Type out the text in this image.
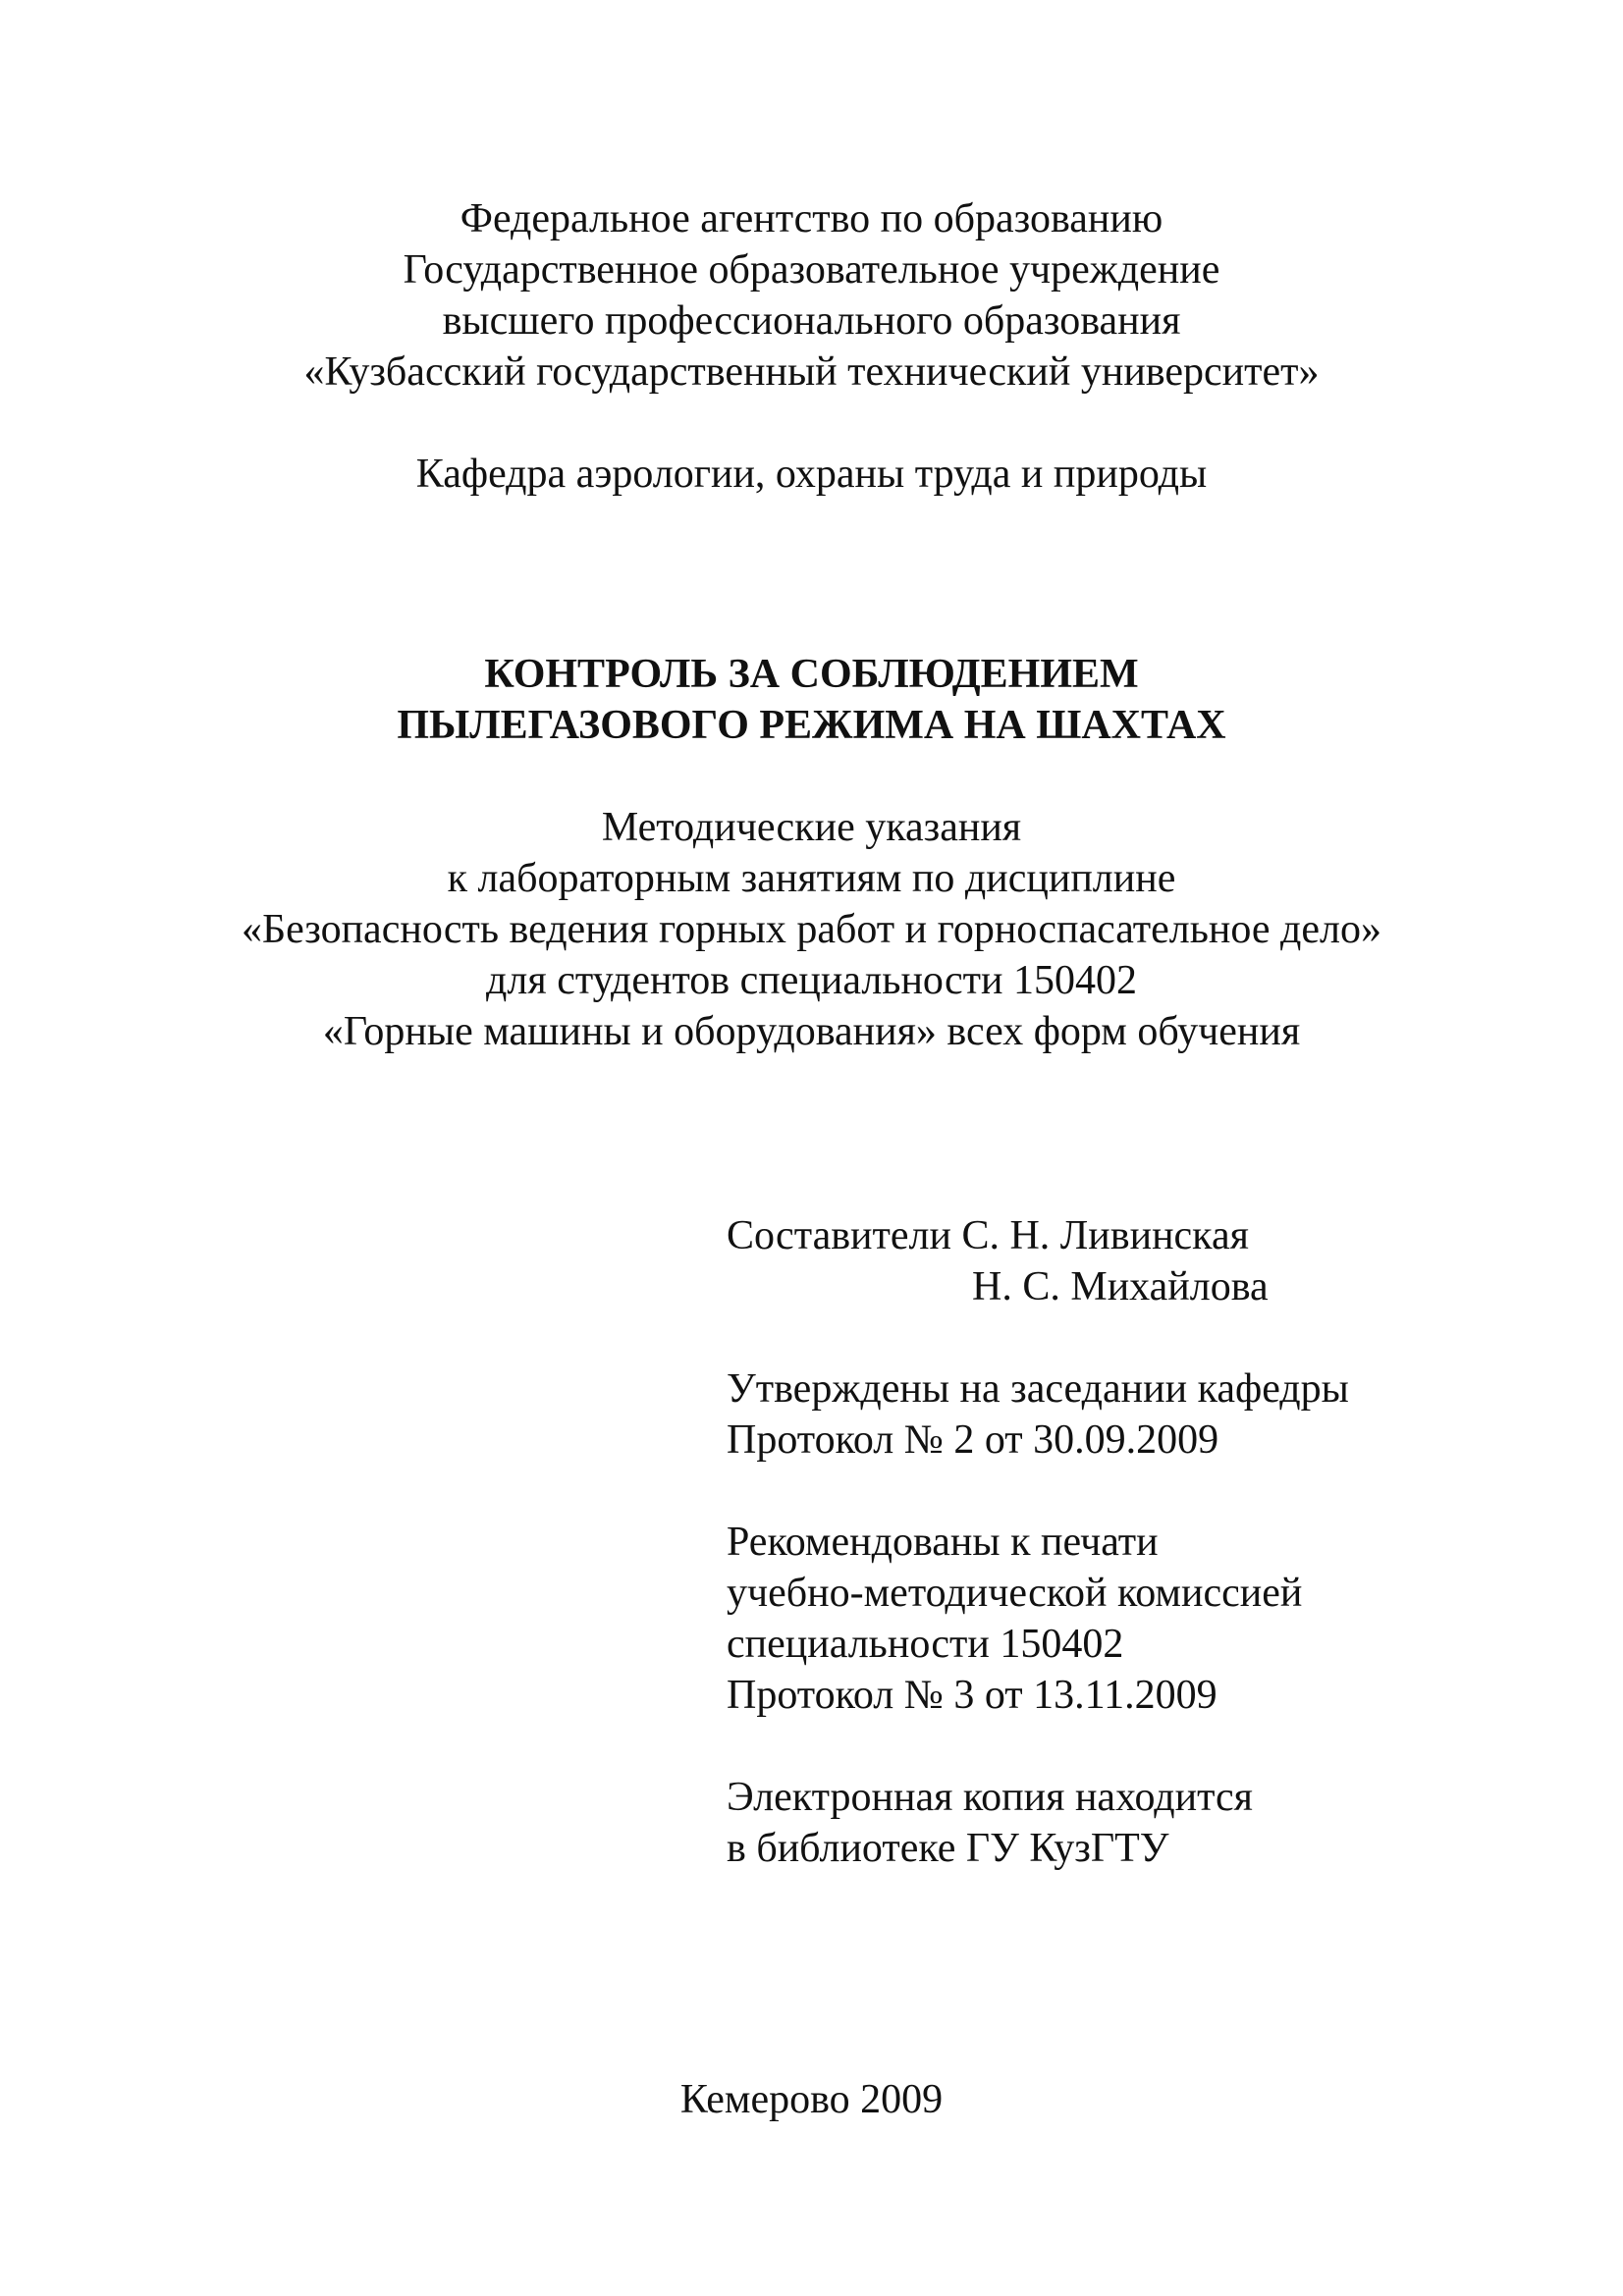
Федеральное агентство по образованию
Государственное образовательное учреждение
высшего профессионального образования
«Кузбасский государственный технический университет»
Кафедра аэрологии, охраны труда и природы
КОНТРОЛЬ ЗА СОБЛЮДЕНИЕМ
ПЫЛЕГАЗОВОГО РЕЖИМА НА ШАХТАХ
Методические указания
к лабораторным занятиям по дисциплине
«Безопасность ведения горных работ и горноспасательное дело»
для студентов специальности 150402
«Горные машины и оборудования» всех форм обучения
Составители С. Н. Ливинская
Н. С. Михайлова
Утверждены на заседании кафедры
Протокол № 2 от 30.09.2009
Рекомендованы к печати
учебно-методической комиссией
специальности 150402
Протокол № 3 от 13.11.2009
Электронная копия находится
в библиотеке ГУ КузГТУ
Кемерово 2009
